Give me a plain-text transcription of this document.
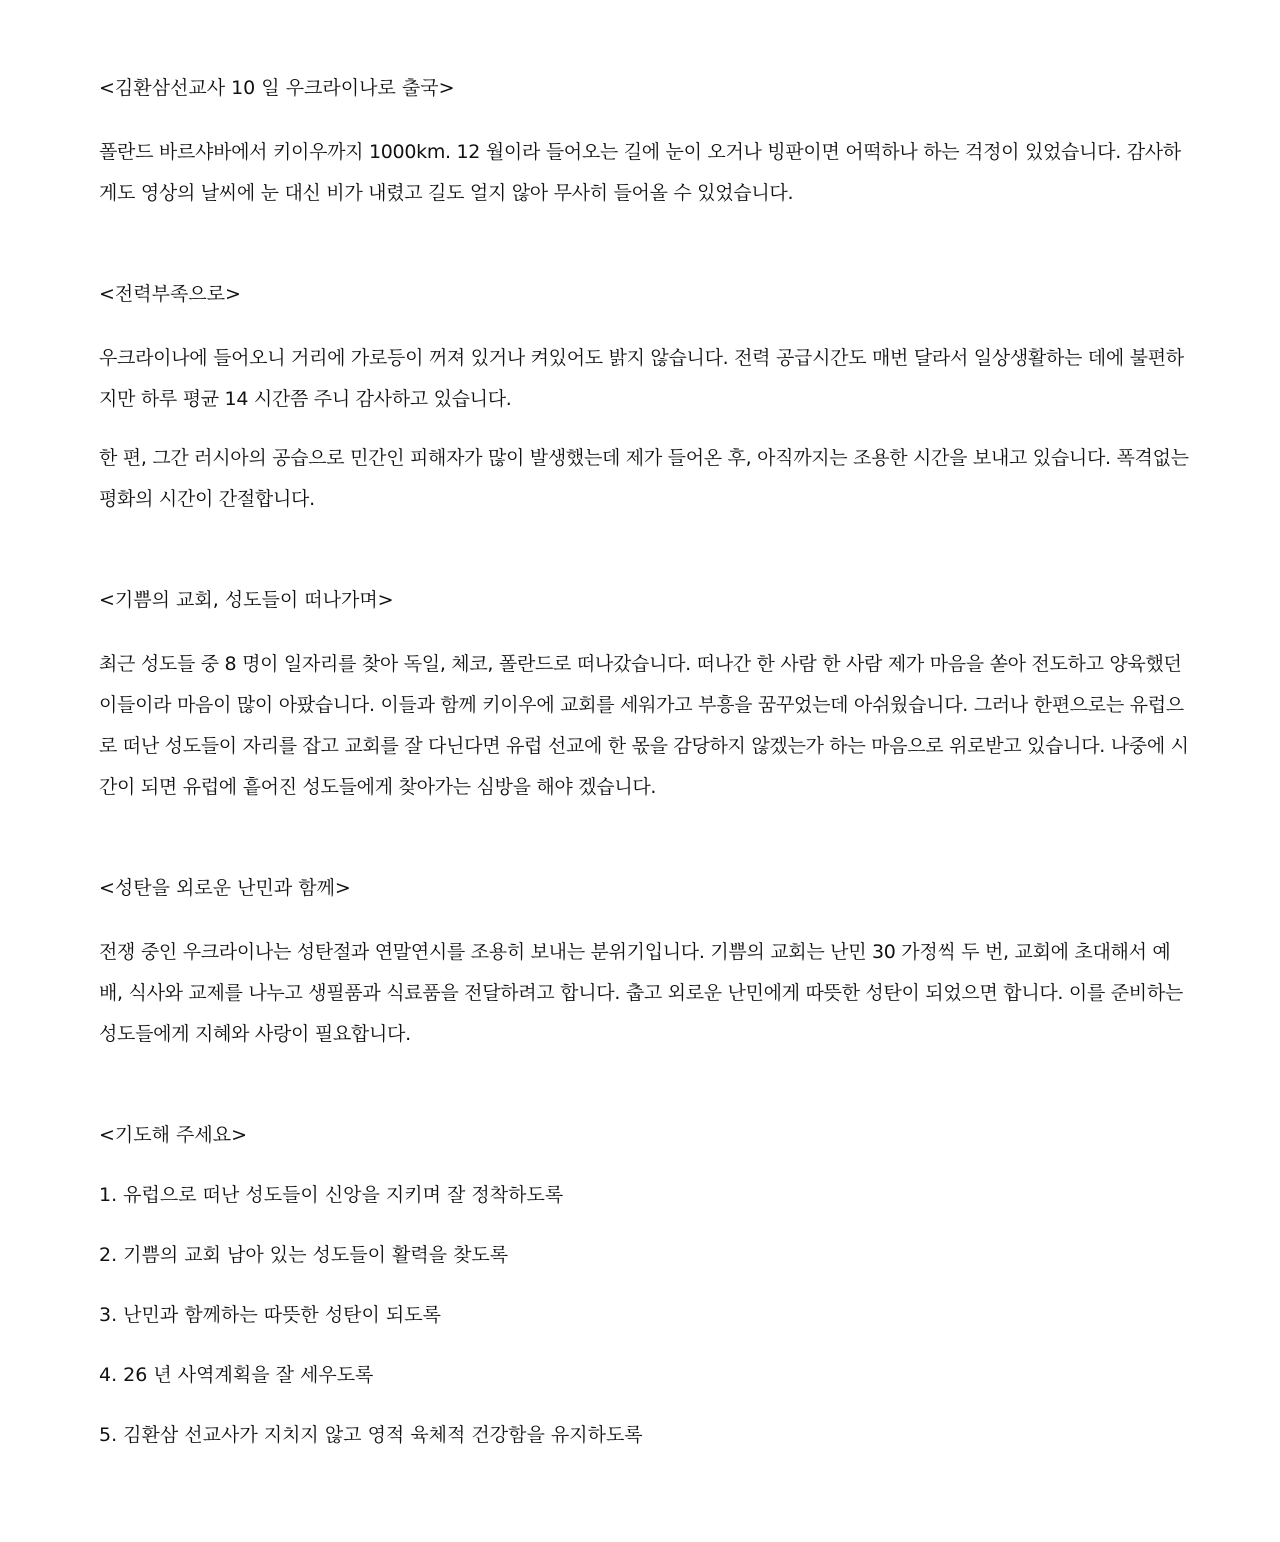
<김환삼선교사 10 일 우크라이나로 출국>

폴란드 바르샤바에서 키이우까지 1000km. 12 월이라 들어오는 길에 눈이 오거나 빙판이면 어떡하나 하는 걱정이 있었습니다. 감사하게도 영상의 날씨에 눈 대신 비가 내렸고 길도 얼지 않아 무사히 들어올 수 있었습니다.

<전력부족으로>

우크라이나에 들어오니 거리에 가로등이 꺼져 있거나 켜있어도 밝지 않습니다. 전력 공급시간도 매번 달라서 일상생활하는 데에 불편하지만 하루 평균 14 시간쯤 주니 감사하고 있습니다.

한 편, 그간 러시아의 공습으로 민간인 피해자가 많이 발생했는데 제가 들어온 후, 아직까지는 조용한 시간을 보내고 있습니다. 폭격없는 평화의 시간이 간절합니다.

<기쁨의 교회, 성도들이 떠나가며>

최근 성도들 중 8 명이 일자리를 찾아 독일, 체코, 폴란드로 떠나갔습니다. 떠나간 한 사람 한 사람 제가 마음을 쏟아 전도하고 양육했던 이들이라 마음이 많이 아팠습니다. 이들과 함께 키이우에 교회를 세워가고 부흥을 꿈꾸었는데 아쉬웠습니다. 그러나 한편으로는 유럽으로 떠난 성도들이 자리를 잡고 교회를 잘 다닌다면 유럽 선교에 한 몫을 감당하지 않겠는가 하는 마음으로 위로받고 있습니다. 나중에 시간이 되면 유럽에 흩어진 성도들에게 찾아가는 심방을 해야 겠습니다.

<성탄을 외로운 난민과 함께>

전쟁 중인 우크라이나는 성탄절과 연말연시를 조용히 보내는 분위기입니다. 기쁨의 교회는 난민 30 가정씩 두 번, 교회에 초대해서 예배, 식사와 교제를 나누고 생필품과 식료품을 전달하려고 합니다. 춥고 외로운 난민에게 따뜻한 성탄이 되었으면 합니다. 이를 준비하는 성도들에게 지혜와 사랑이 필요합니다.

<기도해 주세요>
1. 유럽으로 떠난 성도들이 신앙을 지키며 잘 정착하도록
2. 기쁨의 교회 남아 있는 성도들이 활력을 찾도록
3. 난민과 함께하는 따뜻한 성탄이 되도록
4. 26 년 사역계획을 잘 세우도록
5. 김환삼 선교사가 지치지 않고 영적 육체적 건강함을 유지하도록
